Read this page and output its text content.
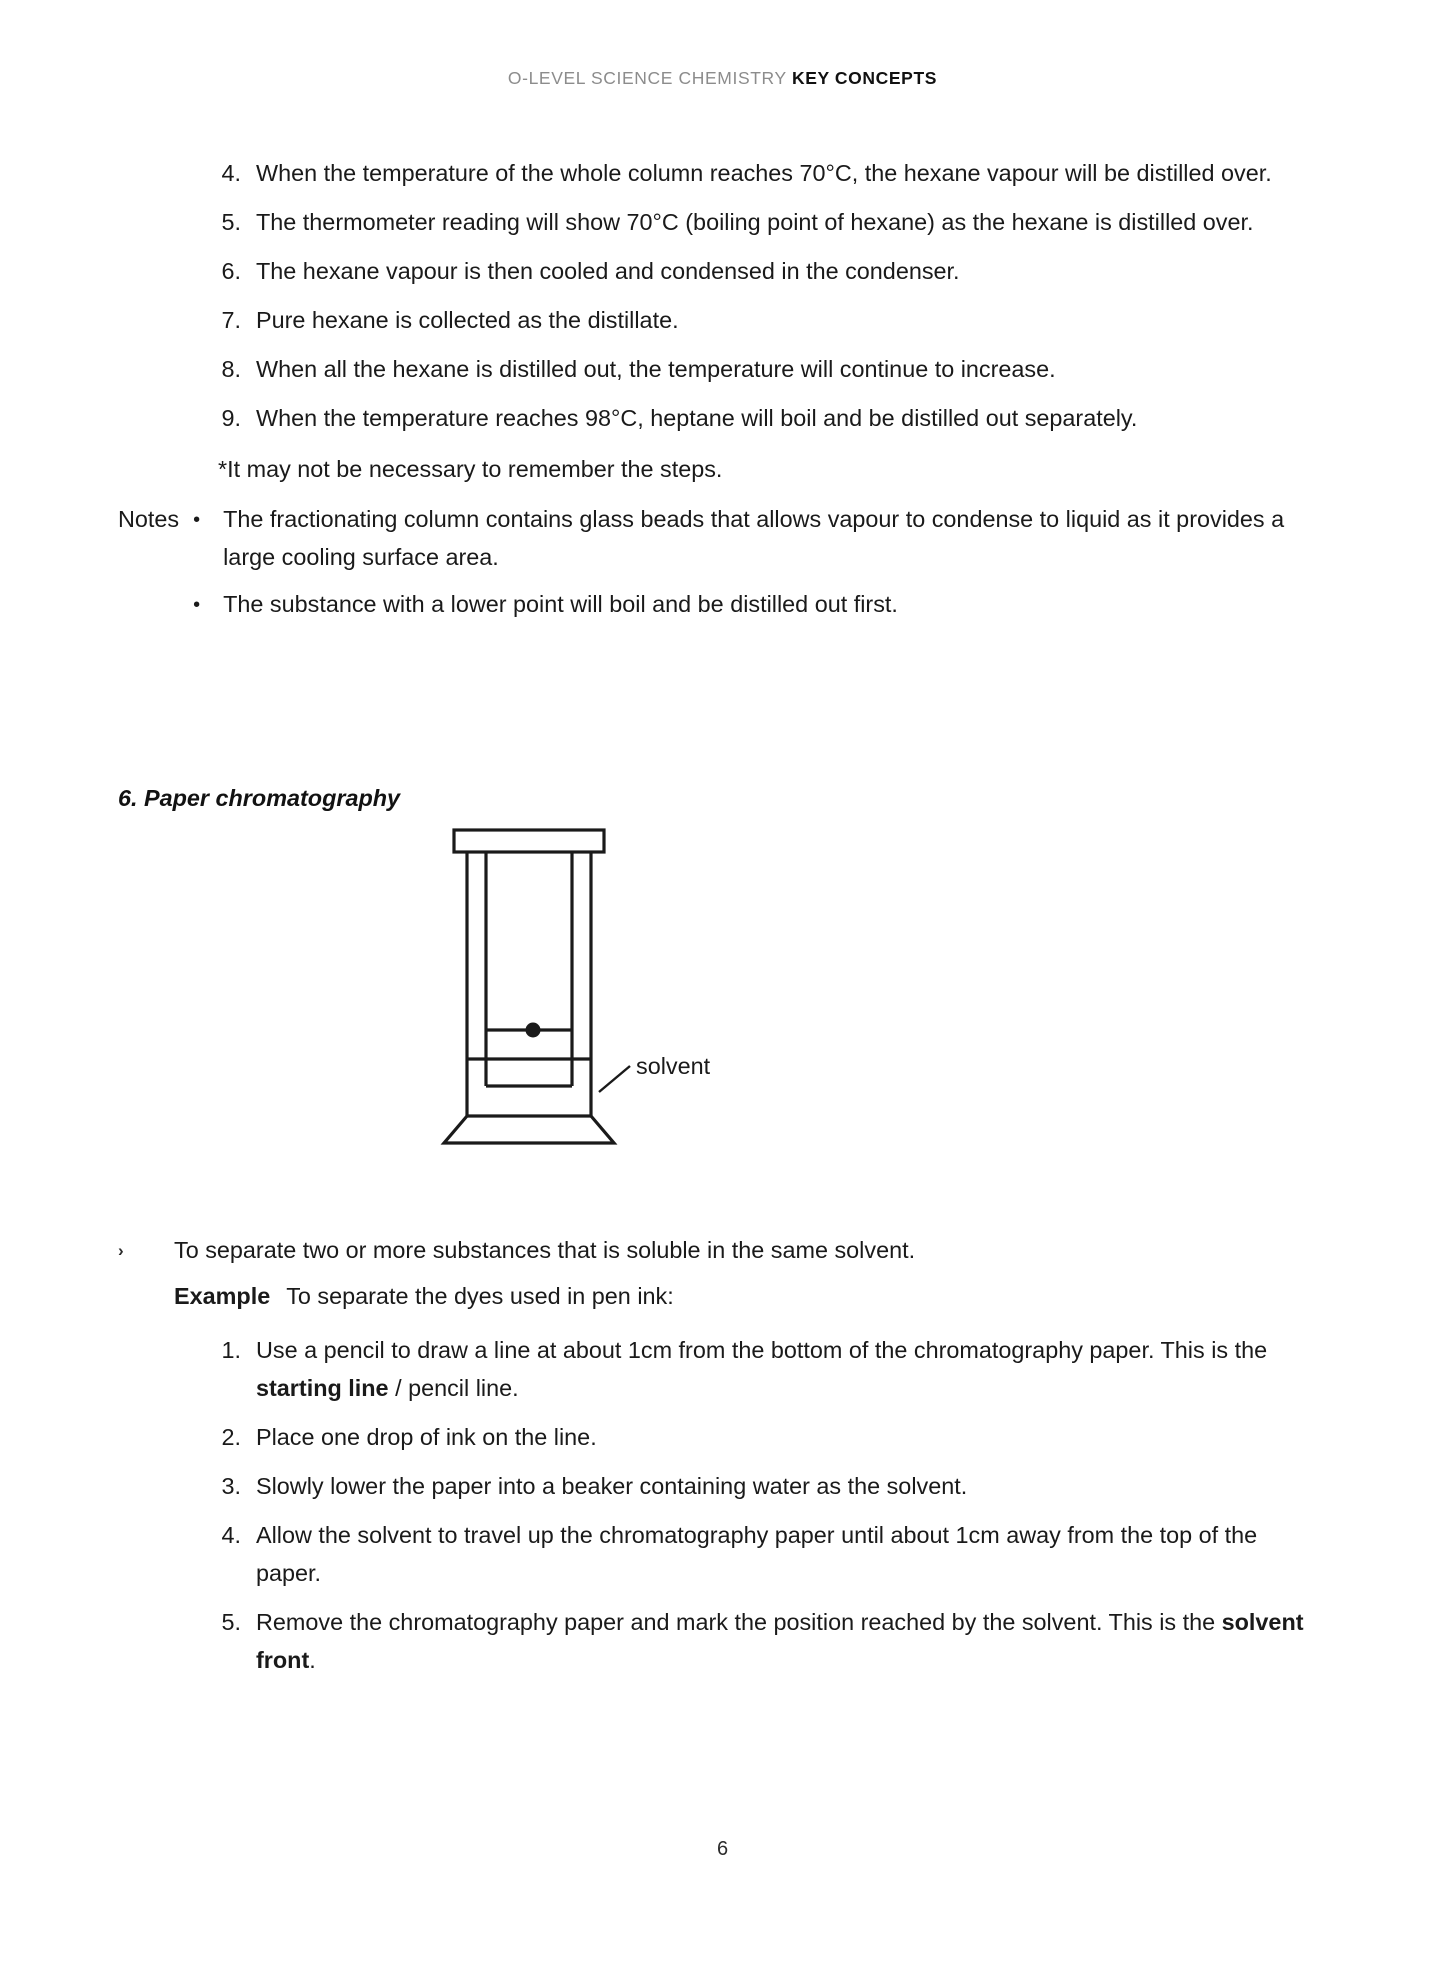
O-LEVEL SCIENCE CHEMISTRY KEY CONCEPTS
4. When the temperature of the whole column reaches 70°C, the hexane vapour will be distilled over.
5. The thermometer reading will show 70°C (boiling point of hexane) as the hexane is distilled over.
6. The hexane vapour is then cooled and condensed in the condenser.
7. Pure hexane is collected as the distillate.
8. When all the hexane is distilled out, the temperature will continue to increase.
9. When the temperature reaches 98°C, heptane will boil and be distilled out separately.
*It may not be necessary to remember the steps.
Notes • The fractionating column contains glass beads that allows vapour to condense to liquid as it provides a large cooling surface area.
• The substance with a lower point will boil and be distilled out first.
6. Paper chromatography
solvent
›	To separate two or more substances that is soluble in the same solvent.
Example To separate the dyes used in pen ink:
1. Use a pencil to draw a line at about 1cm from the bottom of the chromatography paper. This is the starting line / pencil line.
2. Place one drop of ink on the line.
3. Slowly lower the paper into a beaker containing water as the solvent.
4. Allow the solvent to travel up the chromatography paper until about 1cm away from the top of the paper.
5. Remove the chromatography paper and mark the position reached by the solvent. This is the solvent front.
6
